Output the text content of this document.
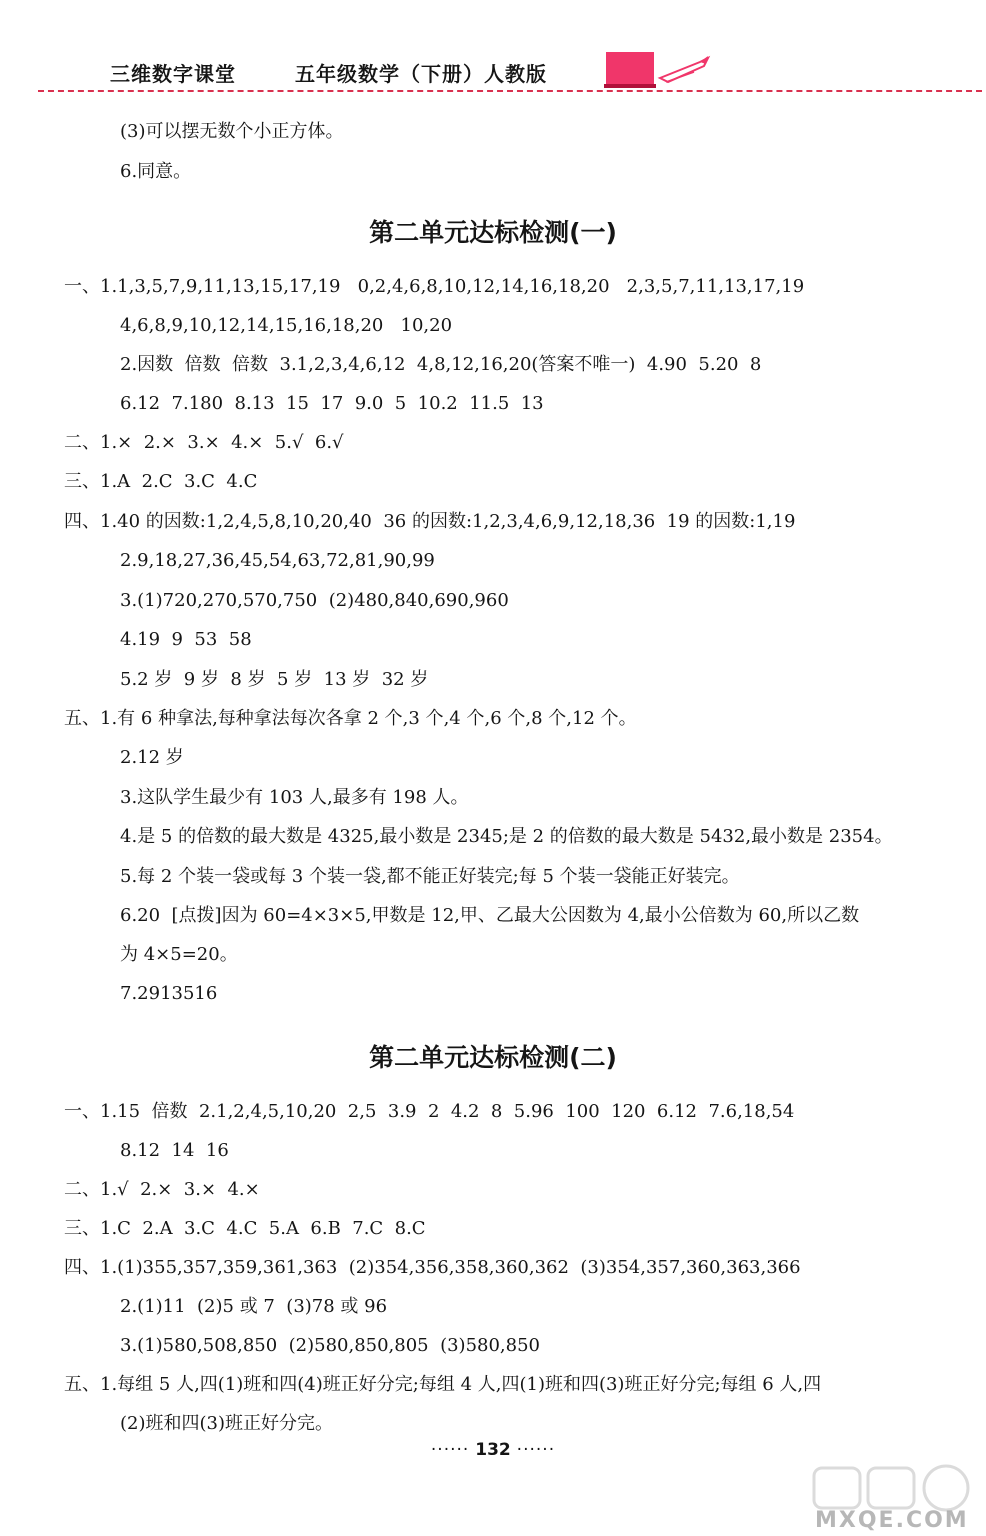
三维数字课堂	五年级数学（下册）人教版
(3)可以摆无数个小正方体。
6.同意。
第二单元达标检测(一)
一、1.1,3,5,7,9,11,13,15,17,19   0,2,4,6,8,10,12,14,16,18,20   2,3,5,7,11,13,17,19
4,6,8,9,10,12,14,15,16,18,20   10,20
2.因数  倍数  倍数  3.1,2,3,4,6,12  4,8,12,16,20(答案不唯一)  4.90  5.20  8
6.12  7.180  8.13  15  17  9.0  5  10.2  11.5  13
二、1.×  2.×  3.×  4.×  5.√  6.√
三、1.A  2.C  3.C  4.C
四、1.40 的因数:1,2,4,5,8,10,20,40  36 的因数:1,2,3,4,6,9,12,18,36  19 的因数:1,19
2.9,18,27,36,45,54,63,72,81,90,99
3.(1)720,270,570,750  (2)480,840,690,960
4.19  9  53  58
5.2 岁  9 岁  8 岁  5 岁  13 岁  32 岁
五、1.有 6 种拿法,每种拿法每次各拿 2 个,3 个,4 个,6 个,8 个,12 个。
2.12 岁
3.这队学生最少有 103 人,最多有 198 人。
4.是 5 的倍数的最大数是 4325,最小数是 2345;是 2 的倍数的最大数是 5432,最小数是 2354。
5.每 2 个装一袋或每 3 个装一袋,都不能正好装完;每 5 个装一袋能正好装完。
6.20  [点拨]因为 60=4×3×5,甲数是 12,甲、乙最大公因数为 4,最小公倍数为 60,所以乙数
为 4×5=20。
7.2913516
第二单元达标检测(二)
一、1.15  倍数  2.1,2,4,5,10,20  2,5  3.9  2  4.2  8  5.96  100  120  6.12  7.6,18,54
8.12  14  16
二、1.√  2.×  3.×  4.×
三、1.C  2.A  3.C  4.C  5.A  6.B  7.C  8.C
四、1.(1)355,357,359,361,363  (2)354,356,358,360,362  (3)354,357,360,363,366
2.(1)11  (2)5 或 7  (3)78 或 96
3.(1)580,508,850  (2)580,850,805  (3)580,850
五、1.每组 5 人,四(1)班和四(4)班正好分完;每组 4 人,四(1)班和四(3)班正好分完;每组 6 人,四
(2)班和四(3)班正好分完。
······ 132 ······
MXQE.COM
